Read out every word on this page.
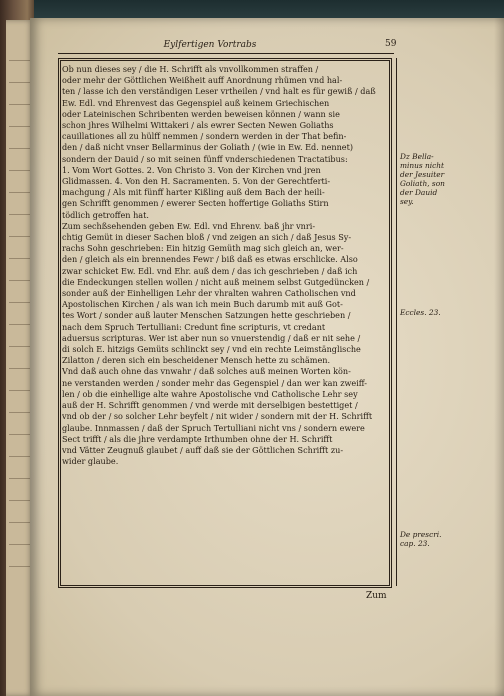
Eylfertigen Vortrabs	59
Ob nun dieses sey / die H. Schrifft als vnvollkommen straffen /
oder mehr der Göttlichen Weißheit auff Anordnung rhümen vnd hal-
ten / lasse ich den verständigen Leser vrtheilen / vnd halt es für gewiß / daß
Ew. Edl. vnd Ehrenvest das Gegenspiel auß keinem Griechischen
oder Lateinischen Schribenten werden beweisen können / wann sie
schon jhres Wilhelmi Wittakeri / als ewrer Secten Newen Goliaths
cauillationes all zu hülff nemmen / sondern werden in der That befin-
den / daß nicht vnser Bellarminus der Goliath / (wie in Ew. Ed. nennet)
sondern der Dauid / so mit seinen fünff vnderschiedenen Tractatibus:
1. Vom Wort Gottes. 2. Von Christo 3. Von der Kirchen vnd jren
Glidmassen. 4. Von den H. Sacramenten. 5. Von der Gerechtferti-
machgung / Als mit fünff harter Kißling auß dem Bach der heili-
gen Schrifft genommen / ewerer Secten hoffertige Goliaths Stirn
tödlich getroffen hat.
Zum sechßsehenden geben Ew. Edl. vnd Ehrenv. baß jhr vnri-
chtig Gemüt in dieser Sachen bloß / vnd zeigen an sich / daß Jesus Sy-
rachs Sohn geschrieben: Ein hitzig Gemüth mag sich gleich an, wer-
den / gleich als ein brennendes Fewr / biß daß es etwas erschlicke. Also
zwar schicket Ew. Edl. vnd Ehr. auß dem / das ich geschrieben / daß ich
die Endeckungen stellen wollen / nicht auß meinem selbst Gutgedüncken /
sonder auß der Einhelligen Lehr der vhralten wahren Catholischen vnd
Apostolischen Kirchen / als wan ich mein Buch darumb mit auß Got-
tes Wort / sonder auß lauter Menschen Satzungen hette geschrieben /
nach dem Spruch Tertulliani: Credunt fine scripturis, vt credant
aduersus scripturas. Wer ist aber nun so vnuerstendig / daß er nit sehe /
di solch E. hitzigs Gemüts schlinckt sey / vnd ein rechte Leimstänglische
Zilatton / deren sich ein bescheidener Mensch hette zu schämen.
Vnd daß auch ohne das vnwahr / daß solches auß meinen Worten kön-
ne verstanden werden / sonder mehr das Gegenspiel / dan wer kan zweiff-
len / ob die einhellige alte wahre Apostolische vnd Catholische Lehr sey
auß der H. Schrifft genommen / vnd werde mit derselbigen bestettiget /
vnd ob der / so solcher Lehr beyfelt / nit wider / sondern mit der H. Schrifft
glaube. Innmassen / daß der Spruch Tertulliani nicht vns / sondern ewere
Sect trifft / als die jhre verdampte Irthumben ohne der H. Schrifft
vnd Vätter Zeugnuß glaubet / auff daß sie der Göttlichen Schrifft zu-
wider glaube.
Dz Bella-
minus nicht
der Jesuiter
Goliath, son
der Dauid
sey.
Eccles. 23.
De prescri.
cap. 23.
Zum
